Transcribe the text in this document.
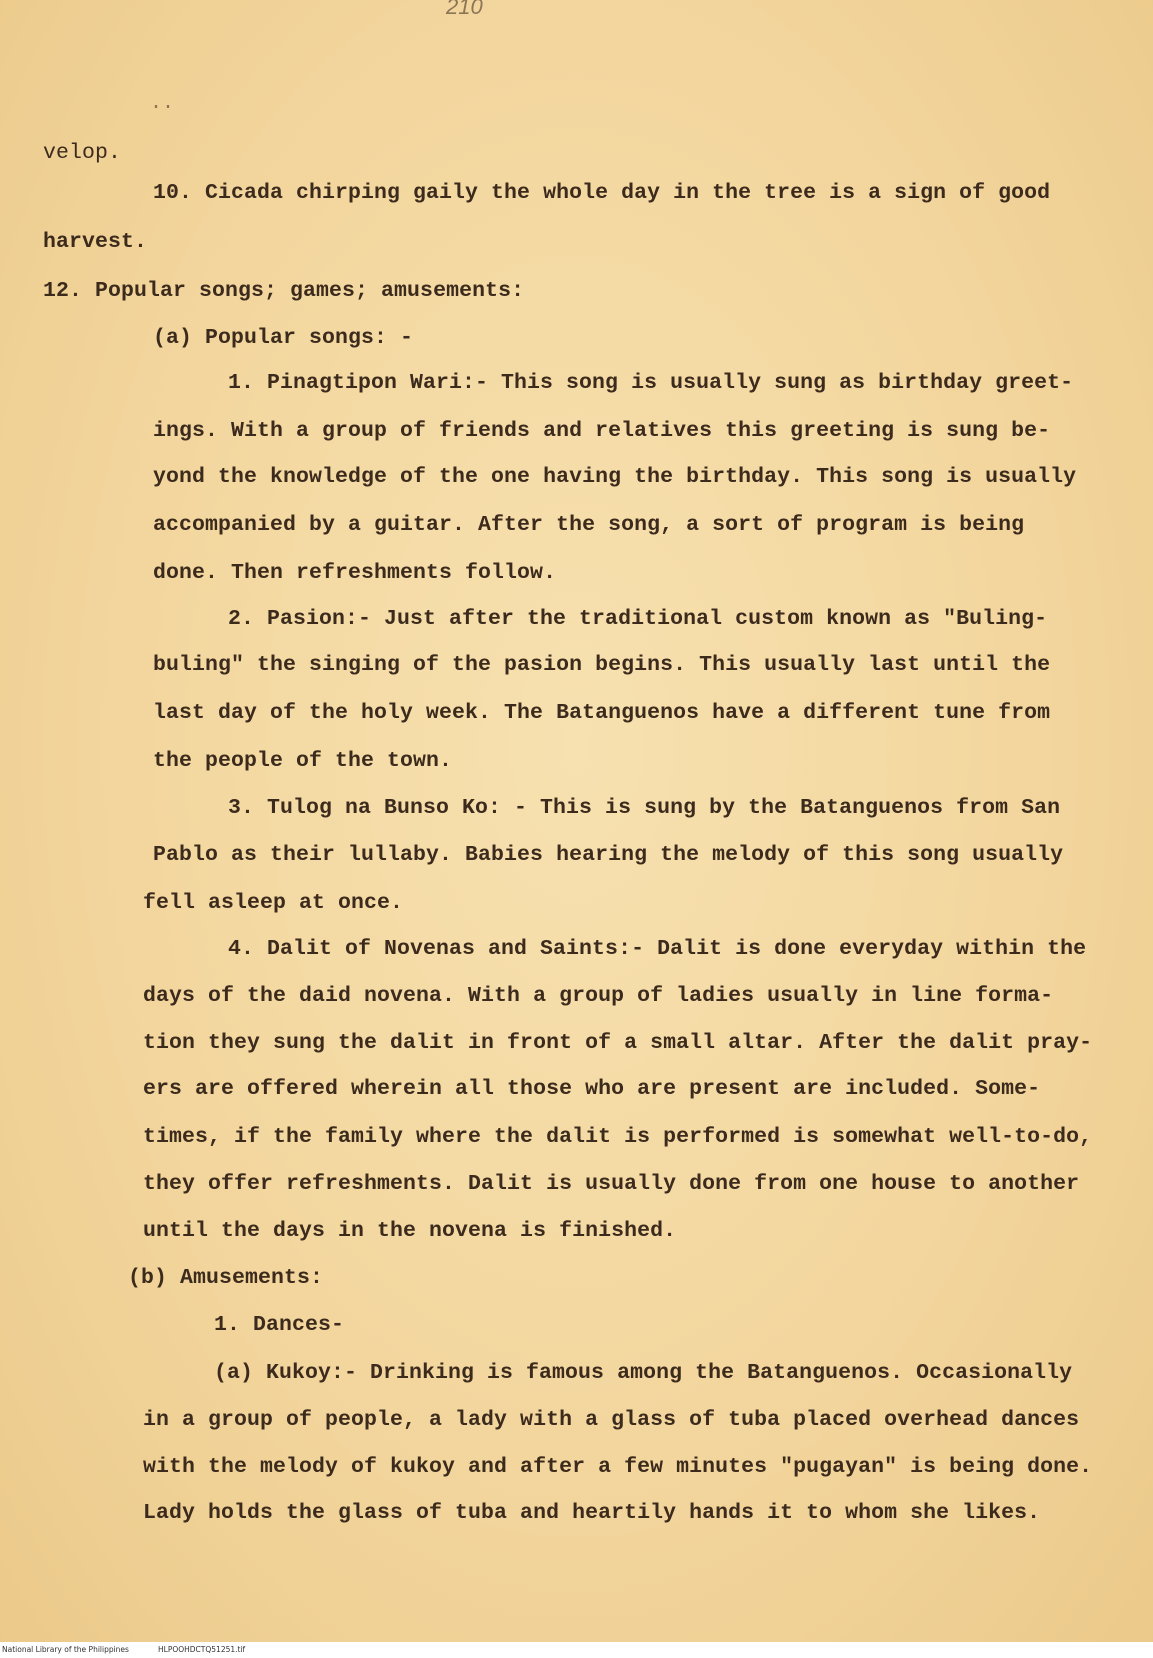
210
..
velop.
10. Cicada chirping gaily the whole day in the tree is a sign of good
harvest.
12. Popular songs; games; amusements:
(a) Popular songs: -
1. Pinagtipon Wari:- This song is usually sung as birthday greet-
ings. With a group of friends and relatives this greeting is sung be-
yond the knowledge of the one having the birthday. This song is usually
accompanied by a guitar. After the song, a sort of program is being
done. Then refreshments follow.
2. Pasion:- Just after the traditional custom known as "Buling-
buling" the singing of the pasion begins. This usually last until the
last day of the holy week. The Batanguenos have a different tune from
the people of the town.
3. Tulog na Bunso Ko: - This is sung by the Batanguenos from San
Pablo as their lullaby. Babies hearing the melody of this song usually
fell asleep at once.
4. Dalit of Novenas and Saints:- Dalit is done everyday within the
days of the daid novena. With a group of ladies usually in line forma-
tion they sung the dalit in front of a small altar. After the dalit pray-
ers are offered wherein all those who are present are included. Some-
times, if the family where the dalit is performed is somewhat well-to-do,
they offer refreshments. Dalit is usually done from one house to another
until the days in the novena is finished.
(b) Amusements:
1. Dances-
(a) Kukoy:- Drinking is famous among the Batanguenos. Occasionally
in a group of people, a lady with a glass of tuba placed overhead dances
with the melody of kukoy and after a few minutes "pugayan" is being done.
Lady holds the glass of tuba and heartily hands it to whom she likes.
National Library of the Philippines	HLPOOHDCTQ51251.tif
